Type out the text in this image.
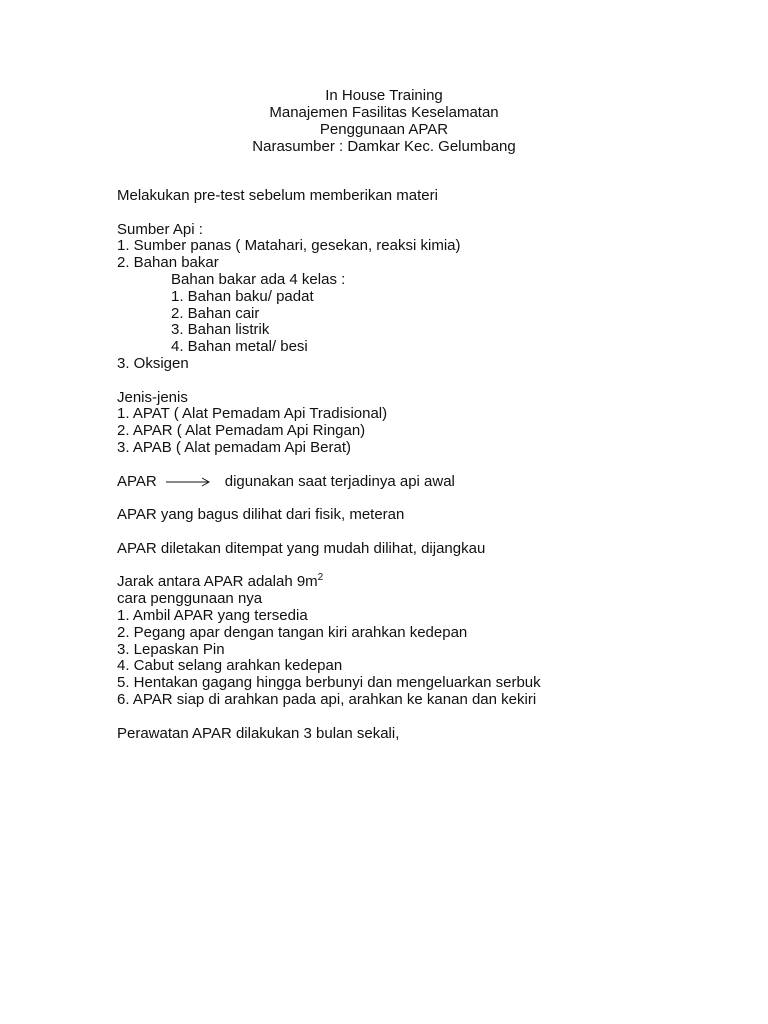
In House Training
Manajemen Fasilitas Keselamatan
Penggunaan APAR
Narasumber : Damkar Kec. Gelumbang
Melakukan pre-test sebelum memberikan materi
Sumber Api :
1. Sumber panas ( Matahari, gesekan, reaksi kimia)
2. Bahan bakar
Bahan bakar ada 4 kelas :
1. Bahan baku/ padat
2. Bahan cair
3. Bahan listrik
4. Bahan metal/ besi
3. Oksigen
Jenis-jenis
1. APAT ( Alat Pemadam Api Tradisional)
2. APAR ( Alat Pemadam Api Ringan)
3. APAB ( Alat pemadam Api Berat)
APAR	digunakan saat terjadinya api awal
APAR yang bagus dilihat dari fisik, meteran
APAR diletakan ditempat yang mudah dilihat, dijangkau
Jarak antara APAR adalah $9m^2$
cara penggunaan nya
1. Ambil APAR yang tersedia
2. Pegang apar dengan tangan kiri arahkan kedepan
3. Lepaskan Pin
4. Cabut selang arahkan kedepan
5. Hentakan gagang hingga berbunyi dan mengeluarkan serbuk
6. APAR siap di arahkan pada api, arahkan ke kanan dan kekiri
Perawatan APAR dilakukan 3 bulan sekali,
